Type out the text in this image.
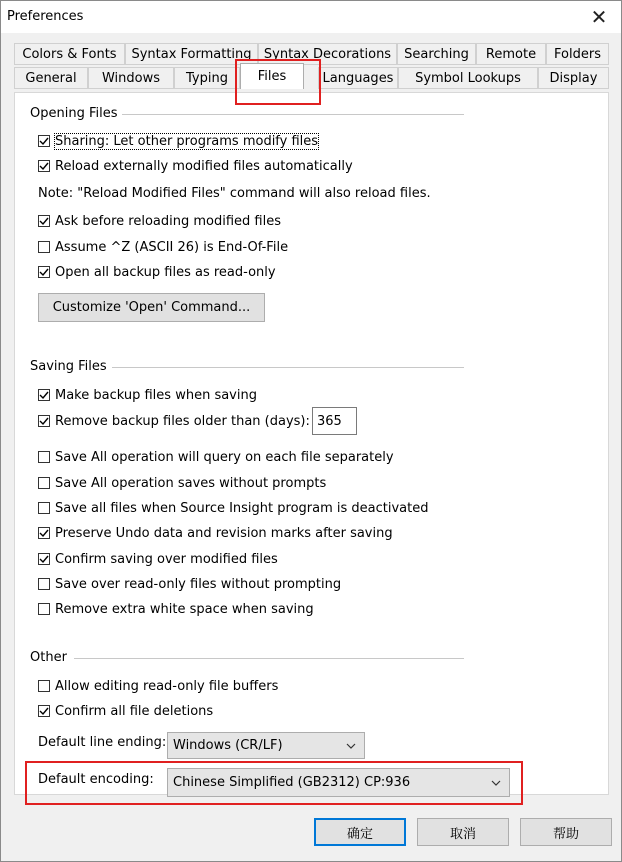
Preferences	✕
Colors & Fonts Syntax Formatting Syntax Decorations Searching Remote Folders
General Windows Typing Files	Languages Symbol Lookups Display
Opening Files
Sharing: Let other programs modify files
Reload externally modified files automatically
Note: "Reload Modified Files" command will also reload files.
Ask before reloading modified files
Assume ^Z (ASCII 26) is End-Of-File
Open all backup files as read-only
Customize 'Open' Command...
Saving Files
Make backup files when saving
Remove backup files older than (days): 365
Save All operation will query on each file separately
Save All operation saves without prompts
Save all files when Source Insight program is deactivated
Preserve Undo data and revision marks after saving
Confirm saving over modified files
Save over read-only files without prompting
Remove extra white space when saving
Other
Allow editing read-only file buffers
Confirm all file deletions
Default line ending: Windows (CR/LF)
Default encoding: Chinese Simplified (GB2312) CP:936
确定	取消	帮助
